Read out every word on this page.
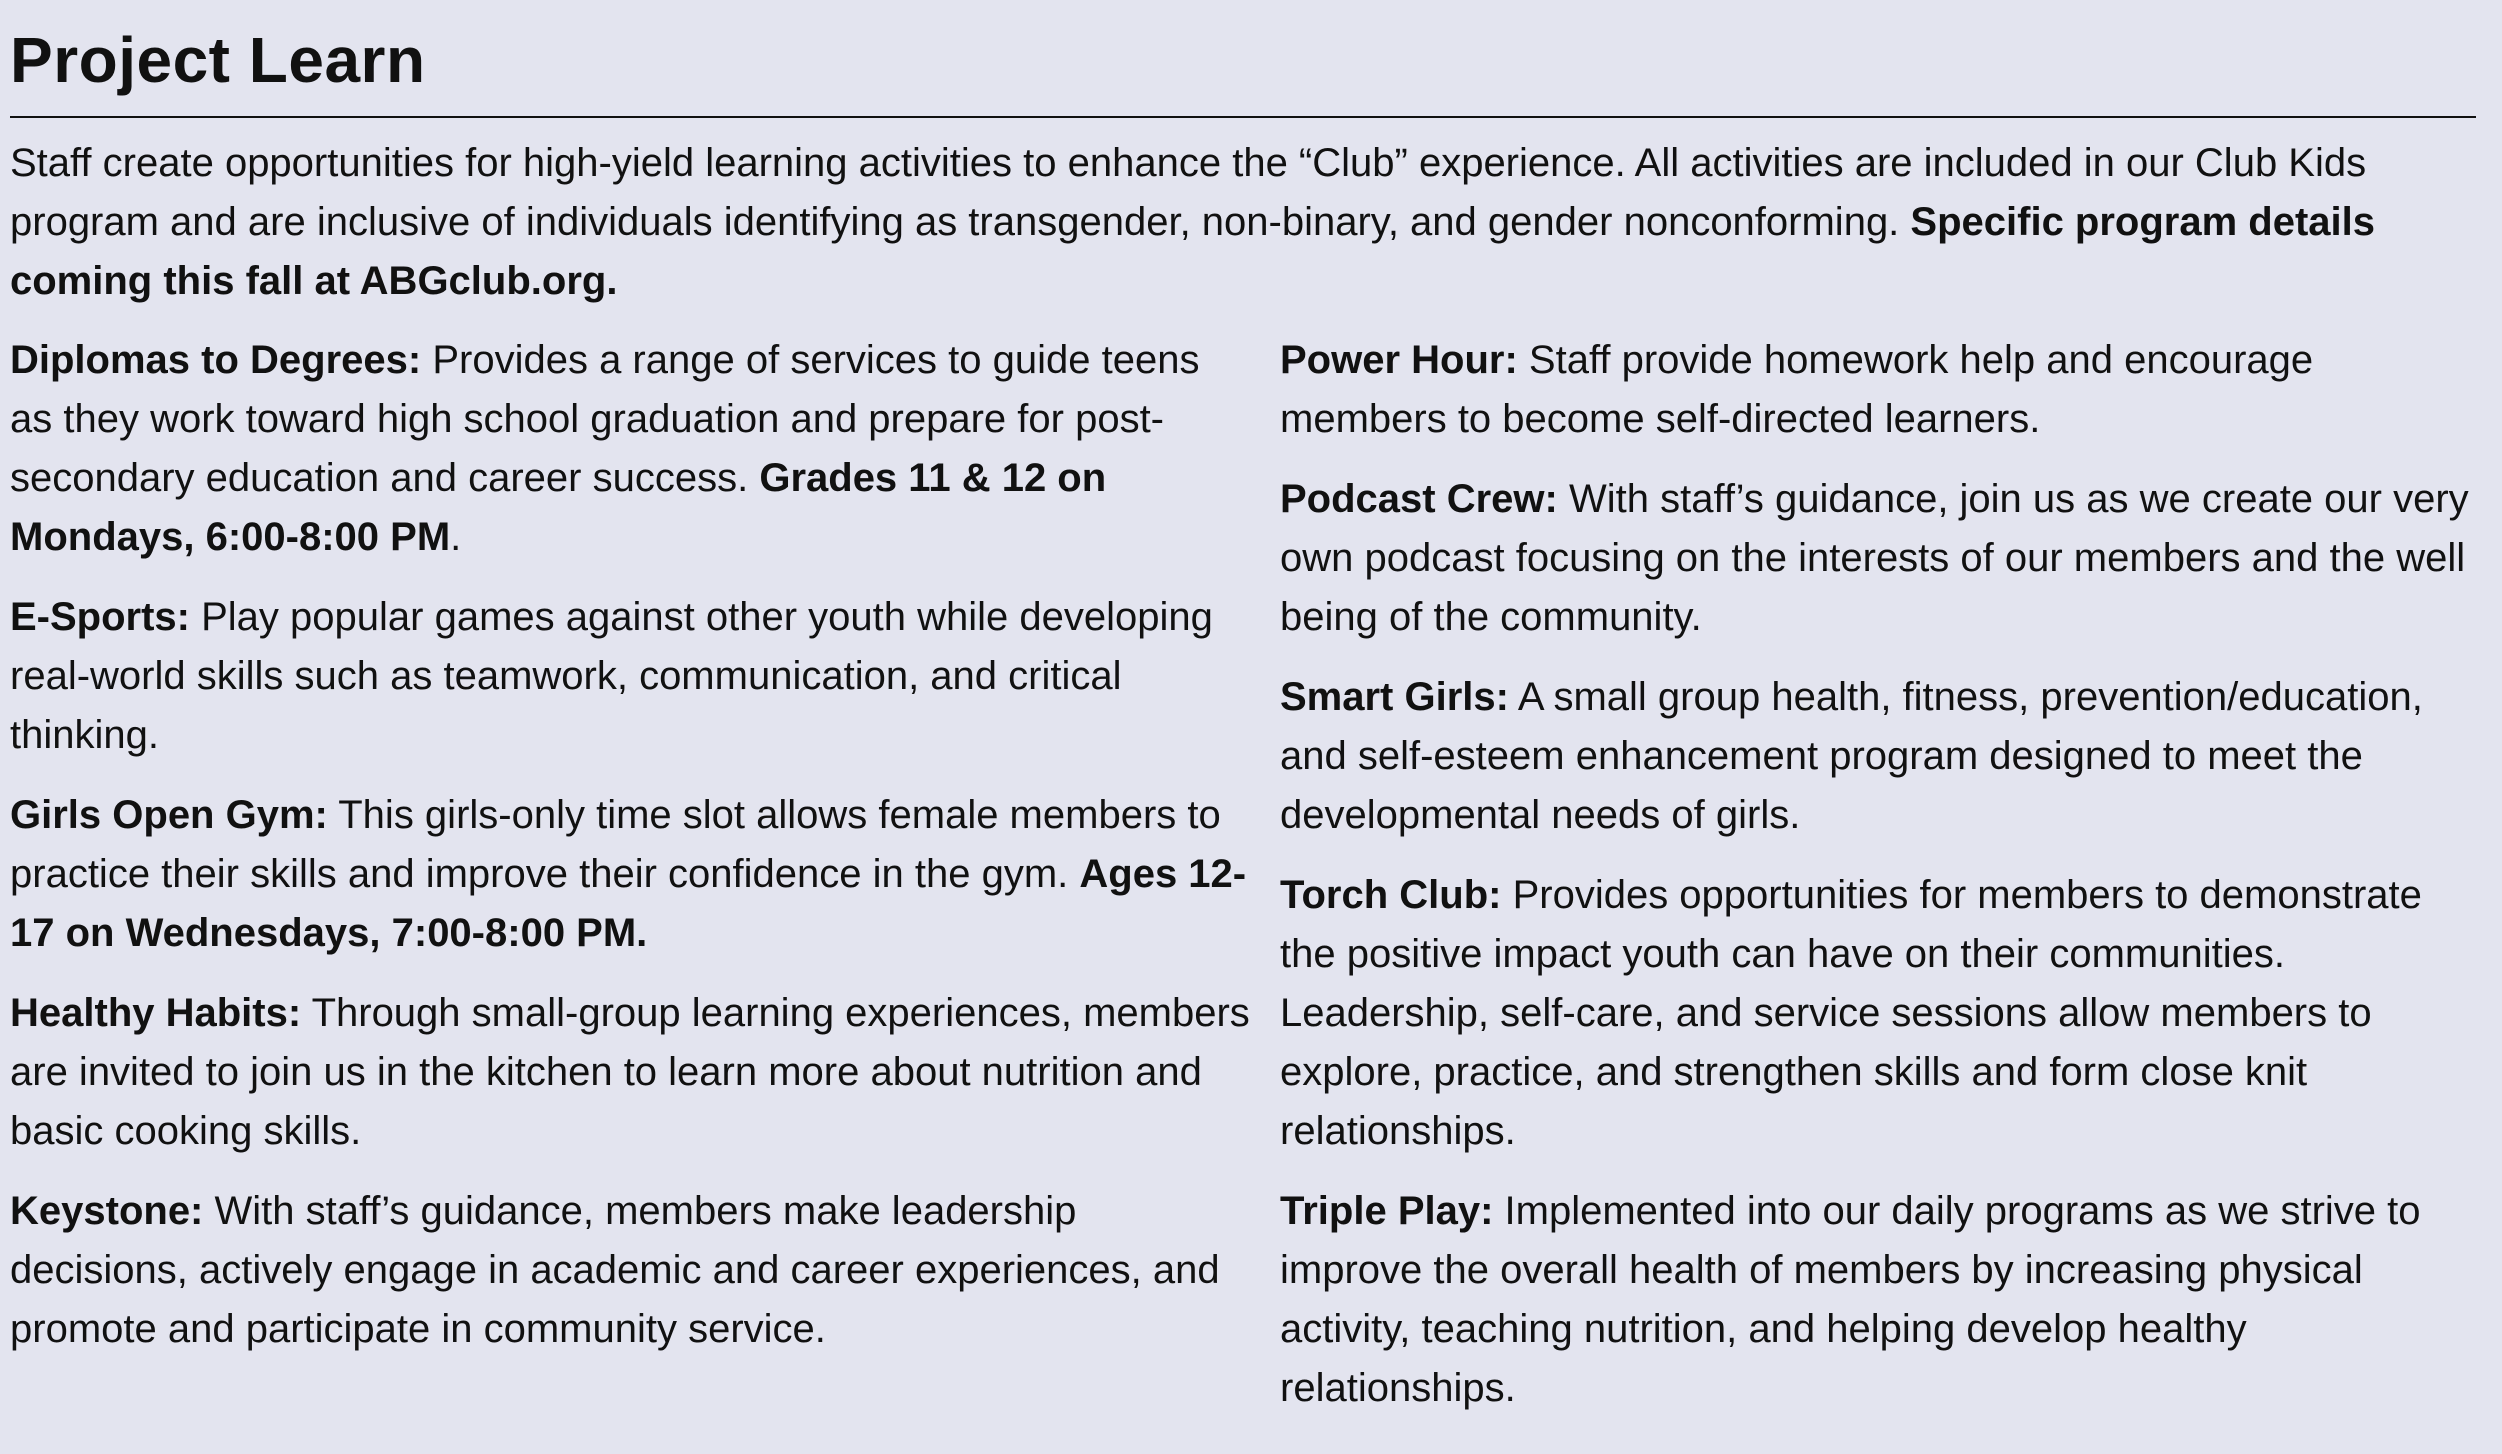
Project Learn

Staff create opportunities for high-yield learning activities to enhance the “Club” experience. All activities are included in our Club Kids program and are inclusive of individuals identifying as transgender, non-binary, and gender nonconforming. Specific program details coming this fall at ABGclub.org.

Diplomas to Degrees: Provides a range of services to guide teens as they work toward high school graduation and prepare for post-secondary education and career success. Grades 11 & 12 on Mondays, 6:00-8:00 PM.

E-Sports: Play popular games against other youth while developing real-world skills such as teamwork, communication, and critical thinking.

Girls Open Gym: This girls-only time slot allows female members to practice their skills and improve their confidence in the gym. Ages 12-17 on Wednesdays, 7:00-8:00 PM.

Healthy Habits: Through small-group learning experiences, members are invited to join us in the kitchen to learn more about nutrition and basic cooking skills.

Keystone: With staff’s guidance, members make leadership decisions, actively engage in academic and career experiences, and promote and participate in community service.

Power Hour: Staff provide homework help and encourage members to become self-directed learners.

Podcast Crew: With staff’s guidance, join us as we create our very own podcast focusing on the interests of our members and the well being of the community.

Smart Girls: A small group health, fitness, prevention/education, and self-esteem enhancement program designed to meet the developmental needs of girls.

Torch Club: Provides opportunities for members to demonstrate the positive impact youth can have on their communities. Leadership, self-care, and service sessions allow members to explore, practice, and strengthen skills and form close knit relationships.

Triple Play: Implemented into our daily programs as we strive to improve the overall health of members by increasing physical activity, teaching nutrition, and helping develop healthy relationships.
